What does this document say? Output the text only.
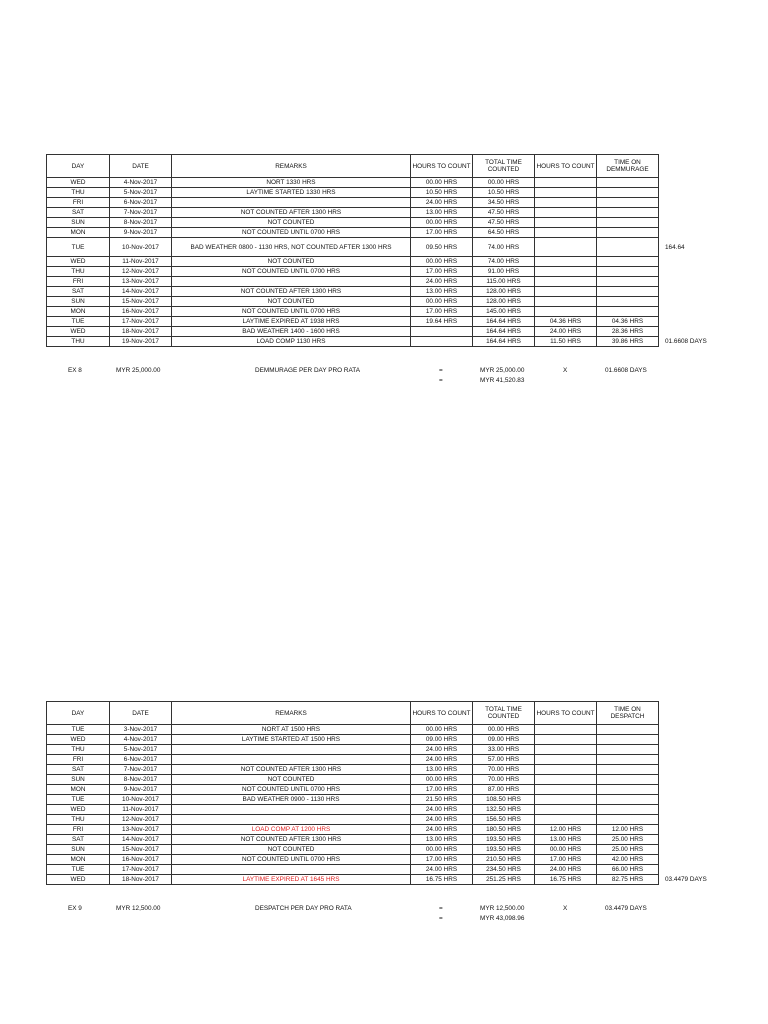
DAY	DATE	REMARKS	HOURS TO COUNT	TOTAL TIME COUNTED	HOURS TO COUNT	TIME ON DEMMURAGE	
WED	4-Nov-2017	NORT 1330 HRS	00.00 HRS	00.00 HRS			
THU	5-Nov-2017	LAYTIME STARTED 1330 HRS	10.50 HRS	10.50 HRS			
FRI	6-Nov-2017		24.00 HRS	34.50 HRS			
SAT	7-Nov-2017	NOT COUNTED AFTER 1300 HRS	13.00 HRS	47.50 HRS			
SUN	8-Nov-2017	NOT COUNTED	00.00 HRS	47.50 HRS			
MON	9-Nov-2017	NOT COUNTED UNTIL 0700 HRS	17.00 HRS	64.50 HRS			
TUE	10-Nov-2017	BAD WEATHER 0800 - 1130 HRS, NOT COUNTED AFTER 1300 HRS	09.50 HRS	74.00 HRS			164.64
WED	11-Nov-2017	NOT COUNTED	00.00 HRS	74.00 HRS			
THU	12-Nov-2017	NOT COUNTED UNTIL 0700 HRS	17.00 HRS	91.00 HRS			
FRI	13-Nov-2017		24.00 HRS	115.00 HRS			
SAT	14-Nov-2017	NOT COUNTED AFTER 1300 HRS	13.00 HRS	128.00 HRS			
SUN	15-Nov-2017	NOT COUNTED	00.00 HRS	128.00 HRS			
MON	16-Nov-2017	NOT COUNTED UNTIL 0700 HRS	17.00 HRS	145.00 HRS			
TUE	17-Nov-2017	LAYTIME EXPIRED AT 1938 HRS	19.64 HRS	164.64 HRS	04.36 HRS	04.36 HRS	
WED	18-Nov-2017	BAD WEATHER 1400 - 1600 HRS		164.64 HRS	24.00 HRS	28.36 HRS	
THU	19-Nov-2017	LOAD COMP 1130 HRS		164.64 HRS	11.50 HRS	39.86 HRS	01.6608 DAYS
EX 8	MYR 25,000.00	DEMMURAGE PER DAY PRO RATA	=	MYR 25,000.00	X	01.6608 DAYS
=	MYR 41,520.83
DAY	DATE	REMARKS	HOURS TO COUNT	TOTAL TIME COUNTED	HOURS TO COUNT	TIME ON DESPATCH	
TUE	3-Nov-2017	NORT AT 1500 HRS	00.00 HRS	00.00 HRS			
WED	4-Nov-2017	LAYTIME STARTED AT 1500 HRS	09.00 HRS	09.00 HRS			
THU	5-Nov-2017		24.00 HRS	33.00 HRS			
FRI	6-Nov-2017		24.00 HRS	57.00 HRS			
SAT	7-Nov-2017	NOT COUNTED AFTER 1300 HRS	13.00 HRS	70.00 HRS			
SUN	8-Nov-2017	NOT COUNTED	00.00 HRS	70.00 HRS			
MON	9-Nov-2017	NOT COUNTED UNTIL 0700 HRS	17.00 HRS	87.00 HRS			
TUE	10-Nov-2017	BAD WEATHER 0900 - 1130 HRS	21.50 HRS	108.50 HRS			
WED	11-Nov-2017		24.00 HRS	132.50 HRS			
THU	12-Nov-2017		24.00 HRS	156.50 HRS			
FRI	13-Nov-2017	LOAD COMP AT 1200 HRS	24.00 HRS	180.50 HRS	12.00 HRS	12.00 HRS	
SAT	14-Nov-2017	NOT COUNTED AFTER 1300 HRS	13.00 HRS	193.50 HRS	13.00 HRS	25.00 HRS	
SUN	15-Nov-2017	NOT COUNTED	00.00 HRS	193.50 HRS	00.00 HRS	25.00 HRS	
MON	16-Nov-2017	NOT COUNTED UNTIL 0700 HRS	17.00 HRS	210.50 HRS	17.00 HRS	42.00 HRS	
TUE	17-Nov-2017		24.00 HRS	234.50 HRS	24.00 HRS	66.00 HRS	
WED	18-Nov-2017	LAYTIME EXPIRED AT 1645 HRS	16.75 HRS	251.25 HRS	16.75 HRS	82.75 HRS	03.4479 DAYS
EX 9	MYR 12,500.00	DESPATCH PER DAY PRO RATA	=	MYR 12,500.00	X	03.4479 DAYS
=	MYR 43,098.96
